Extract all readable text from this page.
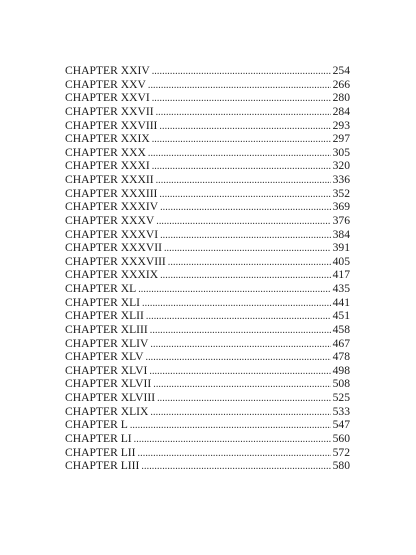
CHAPTER XXIV . . .	254
CHAPTER XXV . . .	266
CHAPTER XXVI . . .	280
CHAPTER XXVII . . .	284
CHAPTER XXVIII . . .	293
CHAPTER XXIX . . .	297
CHAPTER XXX . . .	305
CHAPTER XXXI . . .	320
CHAPTER XXXII . . .	336
CHAPTER XXXIII . . .	352
CHAPTER XXXIV . . .	369
CHAPTER XXXV . . .	376
CHAPTER XXXVI . . .	384
CHAPTER XXXVII . . .	391
CHAPTER XXXVIII . . .	405
CHAPTER XXXIX . . .	417
CHAPTER XL . . .	435
CHAPTER XLI . . .	441
CHAPTER XLII . . .	451
CHAPTER XLIII . . .	458
CHAPTER XLIV . . .	467
CHAPTER XLV . . .	478
CHAPTER XLVI . . .	498
CHAPTER XLVII . . .	508
CHAPTER XLVIII . . .	525
CHAPTER XLIX . . .	533
CHAPTER L . . .	547
CHAPTER LI . . .	560
CHAPTER LII . . .	572
CHAPTER LIII . . .	580
